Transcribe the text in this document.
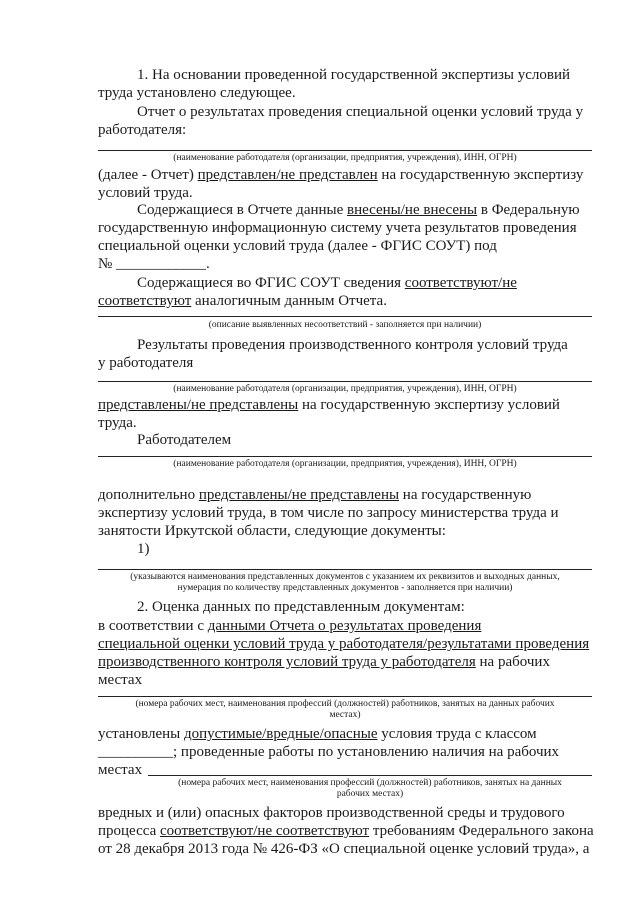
1. На основании проведенной государственной экспертизы условий
труда установлено следующее.
Отчет о результатах проведения специальной оценки условий труда у
работодателя:
(наименование работодателя (организации, предприятия, учреждения), ИНН, ОГРН)
(далее - Отчет) представлен/не представлен на государственную экспертизу
условий труда.
Содержащиеся в Отчете данные внесены/не внесены в Федеральную
государственную информационную систему учета результатов проведения
специальной оценки условий труда (далее - ФГИС СОУТ) под
№ ____________.
Содержащиеся во ФГИС СОУТ сведения соответствуют/не
соответствуют аналогичным данным Отчета.
(описание выявленных несоответствий - заполняется при наличии)
Результаты проведения производственного контроля условий труда
у работодателя
(наименование работодателя (организации, предприятия, учреждения), ИНН, ОГРН)
представлены/не представлены на государственную экспертизу условий
труда.
Работодателем
(наименование работодателя (организации, предприятия, учреждения), ИНН, ОГРН)
дополнительно представлены/не представлены на государственную
экспертизу условий труда, в том числе по запросу министерства труда и
занятости Иркутской области, следующие документы:
1)
(указываются наименования представленных документов с указанием их реквизитов и выходных данных,
нумерация по количеству представленных документов - заполняется при наличии)
2. Оценка данных по представленным документам:
в соответствии с данными Отчета о результатах проведения
специальной оценки условий труда у работодателя/результатами проведения
производственного контроля условий труда у работодателя на рабочих
местах
(номера рабочих мест, наименования профессий (должностей) работников, занятых на данных рабочих
местах)
установлены допустимые/вредные/опасные условия труда с классом
__________; проведенные работы по установлению наличия на рабочих
местах
(номера рабочих мест, наименования профессий (должностей) работников, занятых на данных
рабочих местах)
вредных и (или) опасных факторов производственной среды и трудового
процесса соответствуют/не соответствуют требованиям Федерального закона
от 28 декабря 2013 года № 426-ФЗ «О специальной оценке условий труда», а
